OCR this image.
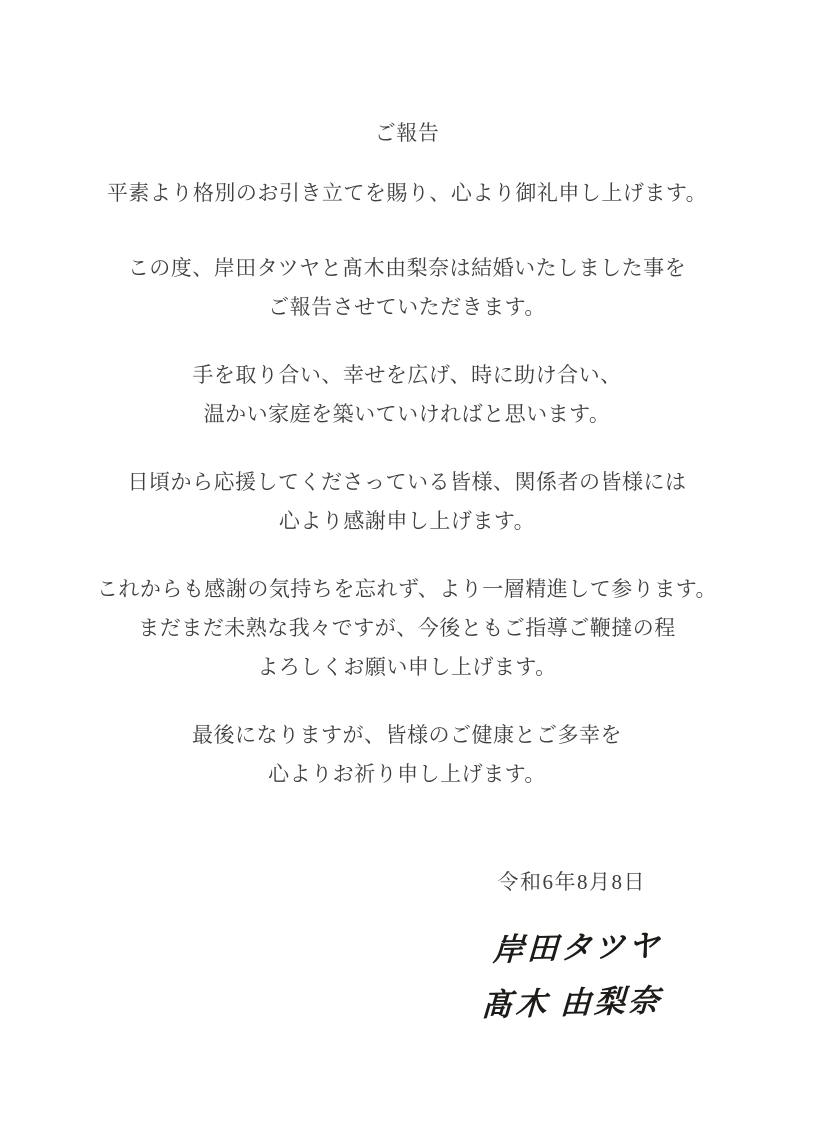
ご報告

平素より格別のお引き立てを賜り、心より御礼申し上げます。

この度、岸田タツヤと髙木由梨奈は結婚いたしました事を
ご報告させていただきます。

手を取り合い、幸せを広げ、時に助け合い、
温かい家庭を築いていければと思います。

日頃から応援してくださっている皆様、関係者の皆様には
心より感謝申し上げます。

これからも感謝の気持ちを忘れず、より一層精進して参ります。
まだまだ未熟な我々ですが、今後ともご指導ご鞭撻の程
よろしくお願い申し上げます。

最後になりますが、皆様のご健康とご多幸を
心よりお祈り申し上げます。

令和6年8月8日
岸田タツヤ
髙木 由梨奈
